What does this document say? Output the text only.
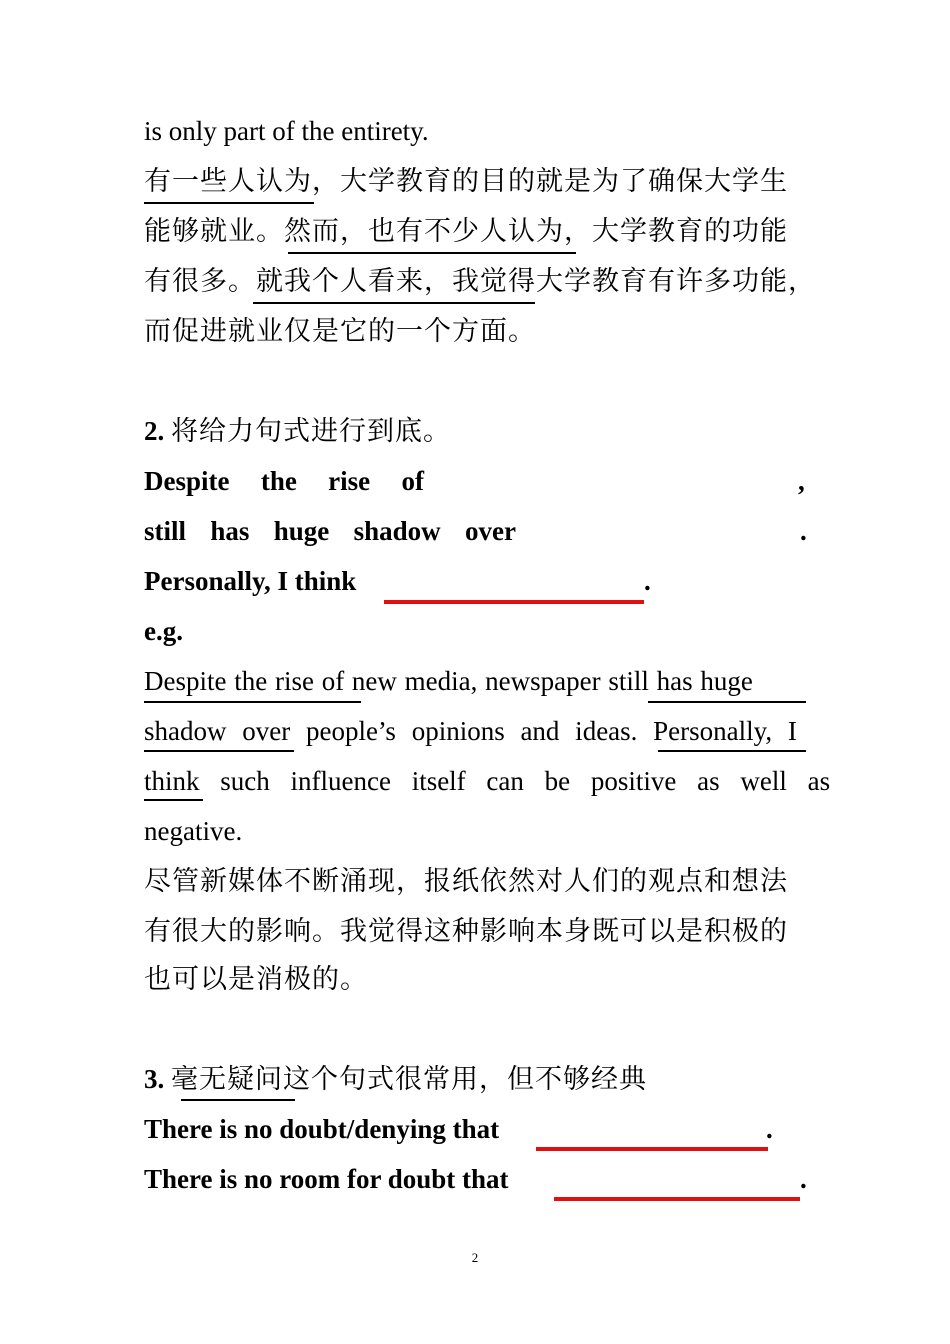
is only part of the entirety.
有一些人认为，大学教育的目的就是为了确保大学生
能够就业。然而，也有不少人认为，大学教育的功能
有很多。就我个人看来，我觉得大学教育有许多功能，
而促进就业仅是它的一个方面。
2. 将给力句式进行到底。
Despite the rise of	,
still has huge shadow over	.
Personally, I think	.
e.g.
Despite the rise of new media, newspaper still has huge
shadow over people’s opinions and ideas. Personally, I
think such influence itself can be positive as well as
negative.
尽管新媒体不断涌现，报纸依然对人们的观点和想法
有很大的影响。我觉得这种影响本身既可以是积极的
也可以是消极的。
3. 毫无疑问这个句式很常用，但不够经典
There is no doubt/denying that	.
There is no room for doubt that	.
2
